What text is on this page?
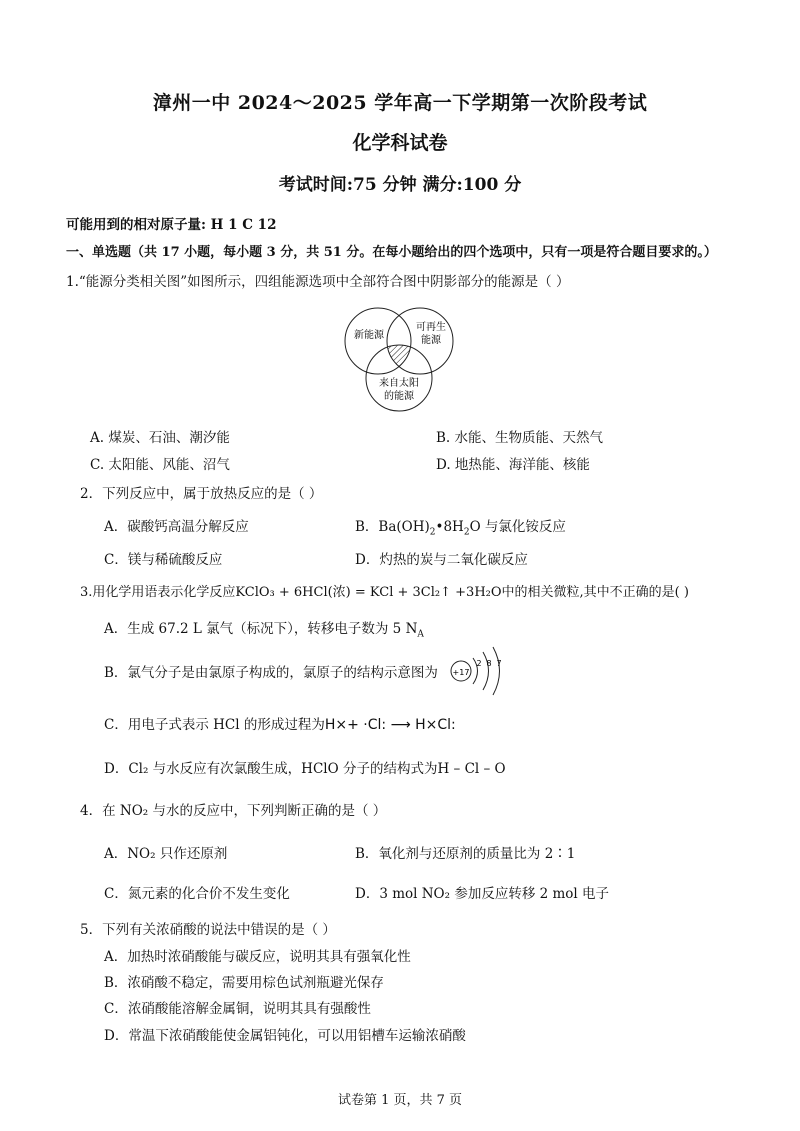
漳州一中 2024～2025 学年高一下学期第一次阶段考试
化学科试卷
考试时间:75 分钟 满分:100 分
可能用到的相对原子量: H 1 C 12
一、单选题（共 17 小题，每小题 3 分，共 51 分。在每小题给出的四个选项中，只有一项是符合题目要求的。）
1.“能源分类相关图”如图所示，四组能源选项中全部符合图中阴影部分的能源是（ ）
新能源
可再生
能源
来自太阳
的能源
A. 煤炭、石油、潮汐能	B. 水能、生物质能、天然气
C. 太阳能、风能、沼气	D. 地热能、海洋能、核能
2．下列反应中，属于放热反应的是（ ）
A．碳酸钙高温分解反应	B．$Ba(OH)_2•8H_2O$ 与氯化铵反应
C．镁与稀硫酸反应	D．灼热的炭与二氧化碳反应
3.用化学用语表示化学反应KClO₃ + 6HCl(浓) = KCl + 3Cl₂↑ +3H₂O中的相关微粒,其中不正确的是( )
A．生成 67.2 L 氯气（标况下），转移电子数为 5 $N_A$
B．氯气分子是由氯原子构成的，氯原子的结构示意图为 +17
2 8 7
C．用电子式表示 HCl 的形成过程为H×+ ·Cl: ⟶ H×Cl:
D．Cl₂ 与水反应有次氯酸生成，HClO 分子的结构式为H – Cl – O
4．在 NO₂ 与水的反应中，下列判断正确的是（ ）
A．NO₂ 只作还原剂	B．氧化剂与还原剂的质量比为 2∶1
C．氮元素的化合价不发生变化	D．3 mol NO₂ 参加反应转移 2 mol 电子
5．下列有关浓硝酸的说法中错误的是（ ）
A．加热时浓硝酸能与碳反应，说明其具有强氧化性
B．浓硝酸不稳定，需要用棕色试剂瓶避光保存
C．浓硝酸能溶解金属铜，说明其具有强酸性
D．常温下浓硝酸能使金属铝钝化，可以用铝槽车运输浓硝酸
试卷第 1 页，共 7 页
